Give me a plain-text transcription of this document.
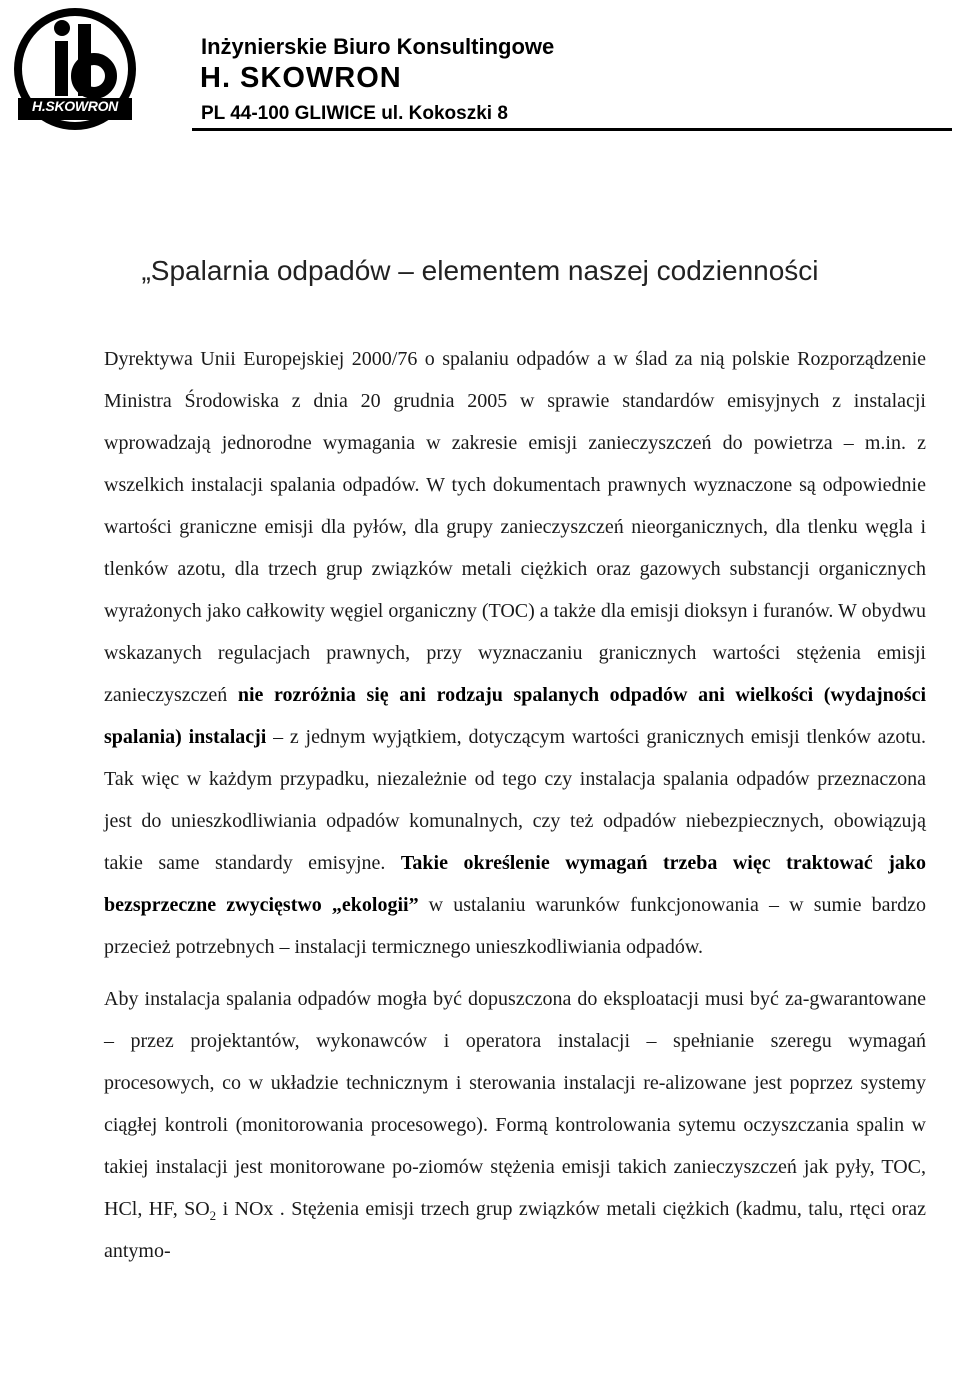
H.SKOWRON
Inżynierskie Biuro Konsultingowe
H. SKOWRON
PL 44-100 GLIWICE ul. Kokoszki 8
„Spalarnia odpadów – elementem naszej codzienności

Dyrektywa Unii Europejskiej 2000/76 o spalaniu odpadów a w ślad za nią polskie Rozporządzenie Ministra Środowiska z dnia 20 grudnia 2005 w sprawie standardów emisyjnych z instalacji wprowadzają jednorodne wymagania w zakresie emisji zanieczyszczeń do powietrza – m.in. z wszelkich instalacji spalania odpadów. W tych dokumentach prawnych wyznaczone są odpowiednie wartości graniczne emisji dla pyłów, dla grupy zanieczyszczeń nieorganicznych, dla tlenku węgla i tlenków azotu, dla trzech grup związków metali ciężkich oraz gazowych substancji organicznych wyrażonych jako całkowity węgiel organiczny (TOC) a także dla emisji dioksyn i furanów. W obydwu wskazanych regulacjach prawnych, przy wyznaczaniu granicznych wartości stężenia emisji zanieczyszczeń nie rozróżnia się ani rodzaju spalanych odpadów ani wielkości (wydajności spalania) instalacji – z jednym wyjątkiem, dotyczącym wartości granicznych emisji tlenków azotu. Tak więc w każdym przypadku, niezależnie od tego czy instalacja spalania odpadów przeznaczona jest do unieszkodliwiania odpadów komunalnych, czy też odpadów niebezpiecznych, obowiązują takie same standardy emisyjne. Takie określenie wymagań trzeba więc traktować jako bezsprzeczne zwycięstwo „ekologii” w ustalaniu warunków funkcjonowania – w sumie bardzo przecież potrzebnych – instalacji termicznego unieszkodliwiania odpadów.

Aby instalacja spalania odpadów mogła być dopuszczona do eksploatacji musi być za-gwarantowane – przez projektantów, wykonawców i operatora instalacji – spełnianie szeregu wymagań procesowych, co w układzie technicznym i sterowania instalacji re-alizowane jest poprzez systemy ciągłej kontroli (monitorowania procesowego). Formą kontrolowania sytemu oczyszczania spalin w takiej instalacji jest monitorowane po-ziomów stężenia emisji takich zanieczyszczeń jak pyły, TOC, HCl, HF, $SO_2$ i NOx . Stężenia emisji trzech grup związków metali ciężkich (kadmu, talu, rtęci oraz antymo-
